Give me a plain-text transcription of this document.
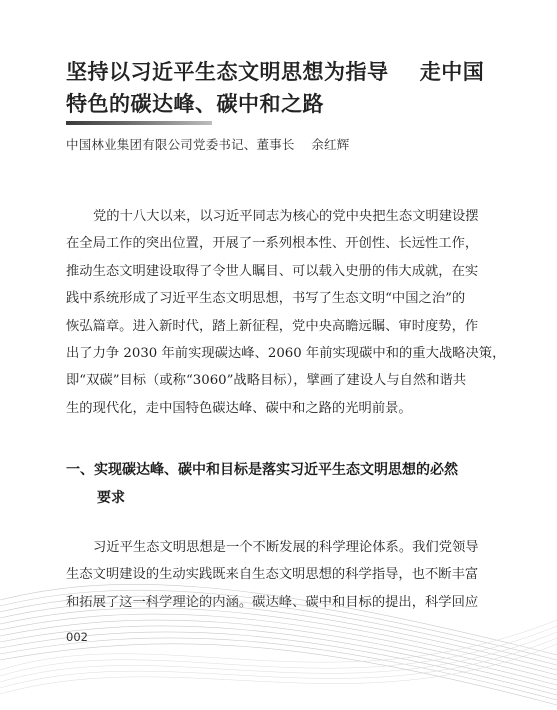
坚持以习近平生态文明思想为指导    走中国
特色的碳达峰、碳中和之路
中国林业集团有限公司党委书记、董事长    余红辉
党的十八大以来，以习近平同志为核心的党中央把生态文明建设摆
在全局工作的突出位置，开展了一系列根本性、开创性、长远性工作，
推动生态文明建设取得了令世人瞩目、可以载入史册的伟大成就，在实
践中系统形成了习近平生态文明思想，书写了生态文明“中国之治”的
恢弘篇章。进入新时代，踏上新征程，党中央高瞻远瞩、审时度势，作
出了力争 2030 年前实现碳达峰、2060 年前实现碳中和的重大战略决策，
即“双碳”目标（或称“3060”战略目标），擘画了建设人与自然和谐共
生的现代化，走中国特色碳达峰、碳中和之路的光明前景。
一、实现碳达峰、碳中和目标是落实习近平生态文明思想的必然
要求
习近平生态文明思想是一个不断发展的科学理论体系。我们党领导
生态文明建设的生动实践既来自生态文明思想的科学指导，也不断丰富
和拓展了这一科学理论的内涵。碳达峰、碳中和目标的提出，科学回应
002
